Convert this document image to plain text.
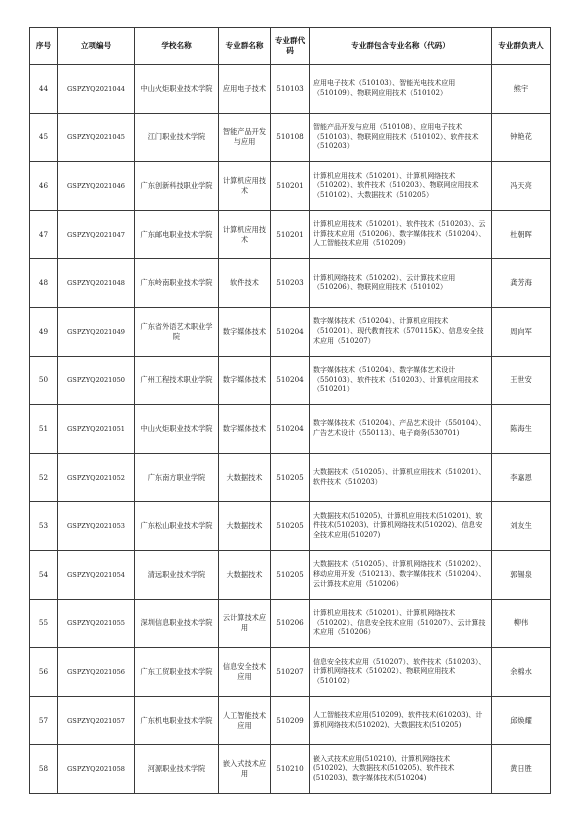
序号	立项编号	学校名称	专业群名称	专业群代码	专业群包含专业名称（代码）	专业群负责人
44	GSPZYQ2021044	中山火炬职业技术学院	应用电子技术	510103	应用电子技术（510103）、智能光电技术应用（510109）、物联网应用技术（510102）	熊宇
45	GSPZYQ2021045	江门职业技术学院	智能产品开发与应用	510108	智能产品开发与应用（510108）、应用电子技术（510103）、物联网应用技术（510102）、软件技术（510203）	钟艳花
46	GSPZYQ2021046	广东创新科技职业学院	计算机应用技术	510201	计算机应用技术（510201）、计算机网络技术（510202）、软件技术（510203）、物联网应用技术（510102）、大数据技术（510205）	冯天亮
47	GSPZYQ2021047	广东邮电职业技术学院	计算机应用技术	510201	计算机应用技术（510201）、软件技术（510203）、云计算技术应用（510206）、数字媒体技术（510204）、人工智能技术应用（510209）	杜朝晖
48	GSPZYQ2021048	广东岭南职业技术学院	软件技术	510203	计算机网络技术（510202）、云计算技术应用（510206）、物联网应用技术（510102）	龚芳海
49	GSPZYQ2021049	广东省外语艺术职业学院	数字媒体技术	510204	数字媒体技术（510204）、计算机应用技术（510201）、现代教育技术（570115K）、信息安全技术应用（510207）	周向军
50	GSPZYQ2021050	广州工程技术职业学院	数字媒体技术	510204	数字媒体技术（510204）、数字媒体艺术设计（550103）、软件技术（510203）、计算机应用技术（510201）	王世安
51	GSPZYQ2021051	中山火炬职业技术学院	数字媒体技术	510204	数字媒体技术（510204）、产品艺术设计（550104）、广告艺术设计（550113）、电子商务(530701)	陈海生
52	GSPZYQ2021052	广东南方职业学院	大数据技术	510205	大数据技术（510205）、计算机应用技术（510201）、软件技术（510203）	李嘉恩
53	GSPZYQ2021053	广东松山职业技术学院	大数据技术	510205	大数据技术(510205)、计算机应用技术(510201)、软件技术(510203)、计算机网络技术(510202)、信息安全技术应用(510207)	刘友生
54	GSPZYQ2021054	清远职业技术学院	大数据技术	510205	大数据技术（510205）、计算机网络技术（510202）、移动应用开发（510213）、数字媒体技术（510204）、云计算技术应用（510206）	郭锡泉
55	GSPZYQ2021055	深圳信息职业技术学院	云计算技术应用	510206	计算机应用技术（510201）、计算机网络技术（510202）、信息安全技术应用（510207）、云计算技术应用（510206）	柳伟
56	GSPZYQ2021056	广东工贸职业技术学院	信息安全技术应用	510207	信息安全技术应用（510207）、软件技术（510203）、计算机网络技术（510202）、物联网应用技术（510102）	余棉水
57	GSPZYQ2021057	广东机电职业技术学院	人工智能技术应用	510209	人工智能技术应用(510209)、软件技术(610203)、计算机网络技术(510202)、大数据技术(510205)	邱焕耀
58	GSPZYQ2021058	河源职业技术学院	嵌入式技术应用	510210	嵌入式技术应用(510210)、计算机网络技术(510202)、大数据技术(510205)、软件技术(510203)、数字媒体技术(510204)	黄日胜
